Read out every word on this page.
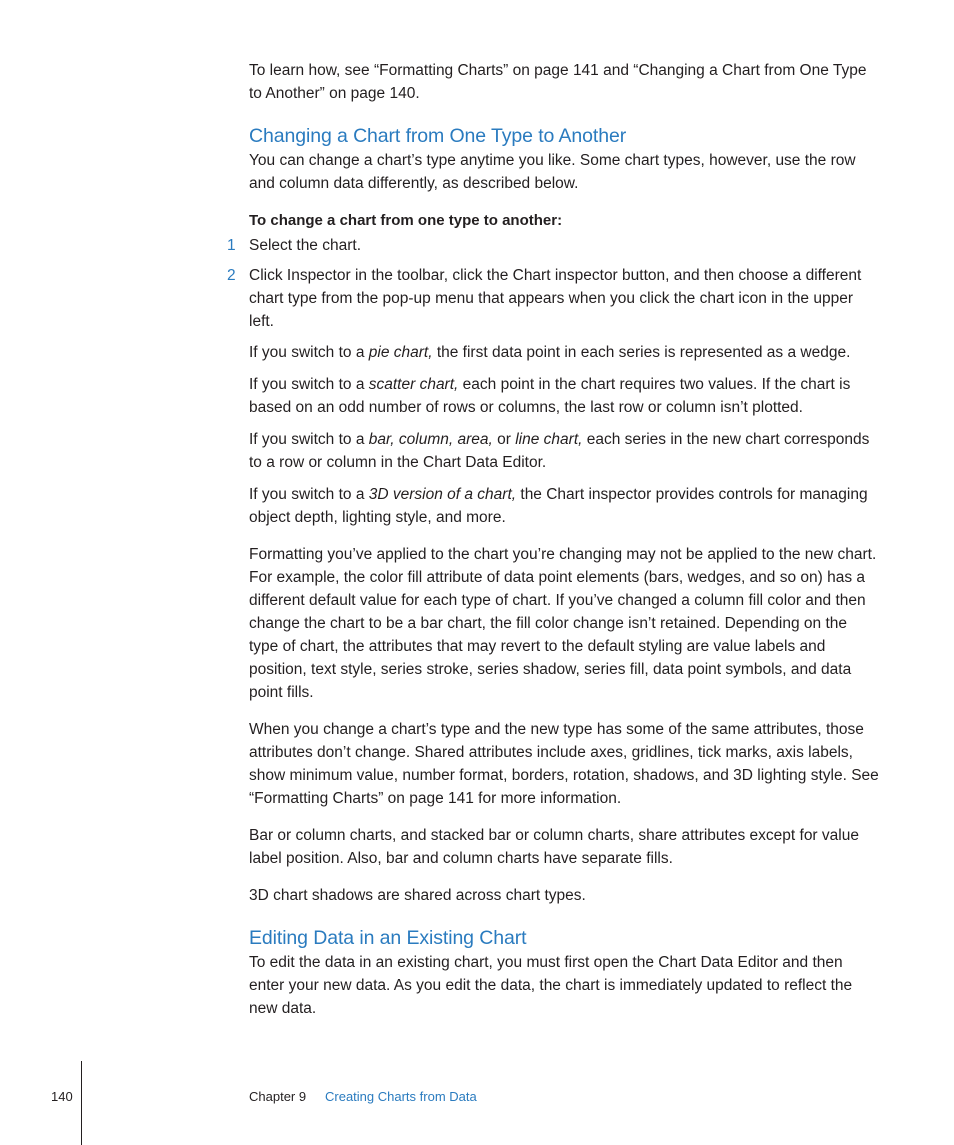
To learn how, see “Formatting Charts” on page 141 and “Changing a Chart from One Type to Another” on page 140.

Changing a Chart from One Type to Another

You can change a chart’s type anytime you like. Some chart types, however, use the row and column data differently, as described below.

To change a chart from one type to another:

1 Select the chart.

2 Click Inspector in the toolbar, click the Chart inspector button, and then choose a different chart type from the pop-up menu that appears when you click the chart icon in the upper left.

If you switch to a pie chart, the first data point in each series is represented as a wedge.

If you switch to a scatter chart, each point in the chart requires two values. If the chart is based on an odd number of rows or columns, the last row or column isn’t plotted.

If you switch to a bar, column, area, or line chart, each series in the new chart corresponds to a row or column in the Chart Data Editor.

If you switch to a 3D version of a chart, the Chart inspector provides controls for managing object depth, lighting style, and more.

Formatting you’ve applied to the chart you’re changing may not be applied to the new chart. For example, the color fill attribute of data point elements (bars, wedges, and so on) has a different default value for each type of chart. If you’ve changed a column fill color and then change the chart to be a bar chart, the fill color change isn’t retained. Depending on the type of chart, the attributes that may revert to the default styling are value labels and position, text style, series stroke, series shadow, series fill, data point symbols, and data point fills.

When you change a chart’s type and the new type has some of the same attributes, those attributes don’t change. Shared attributes include axes, gridlines, tick marks, axis labels, show minimum value, number format, borders, rotation, shadows, and 3D lighting style. See “Formatting Charts” on page 141 for more information.

Bar or column charts, and stacked bar or column charts, share attributes except for value label position. Also, bar and column charts have separate fills.

3D chart shadows are shared across chart types.

Editing Data in an Existing Chart

To edit the data in an existing chart, you must first open the Chart Data Editor and then enter your new data. As you edit the data, the chart is immediately updated to reflect the new data.

140	Chapter 9 Creating Charts from Data
